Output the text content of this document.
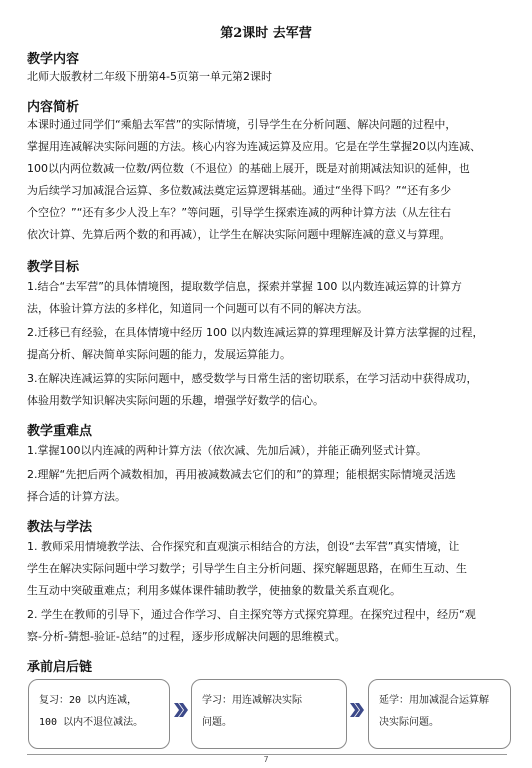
第2课时 去军营
教学内容
北师大版教材二年级下册第4-5页第一单元第2课时
内容简析
本课时通过同学们“乘船去军营”的实际情境，引导学生在分析问题、解决问题的过程中，
掌握用连减解决实际问题的方法。核心内容为连减运算及应用。它是在学生掌握20以内连减、
100以内两位数减一位数/两位数（不退位）的基础上展开，既是对前期减法知识的延伸，也
为后续学习加减混合运算、多位数减法奠定运算逻辑基础。通过“坐得下吗？”“还有多少
个空位？”“还有多少人没上车？”等问题，引导学生探索连减的两种计算方法（从左往右
依次计算、先算后两个数的和再减），让学生在解决实际问题中理解连减的意义与算理。
教学目标
1.结合“去军营”的具体情境图，提取数学信息，探索并掌握 100 以内数连减运算的计算方
法，体验计算方法的多样化，知道同一个问题可以有不同的解决方法。
2.迁移已有经验，在具体情境中经历 100 以内数连减运算的算理理解及计算方法掌握的过程，
提高分析、解决简单实际问题的能力，发展运算能力。
3.在解决连减运算的实际问题中，感受数学与日常生活的密切联系，在学习活动中获得成功，
体验用数学知识解决实际问题的乐趣，增强学好数学的信心。
教学重难点
1.掌握100以内连减的两种计算方法（依次减、先加后减），并能正确列竖式计算。
2.理解“先把后两个减数相加，再用被减数减去它们的和”的算理；能根据实际情境灵活选
择合适的计算方法。
教法与学法
1. 教师采用情境教学法、合作探究和直观演示相结合的方法，创设“去军营”真实情境，让
学生在解决实际问题中学习数学；引导学生自主分析问题、探究解题思路，在师生互动、生
生互动中突破重难点；利用多媒体课件辅助教学，使抽象的数量关系直观化。
2. 学生在教师的引导下，通过合作学习、自主探究等方式探究算理。在探究过程中，经历“观
察-分析-猜想-验证-总结”的过程，逐步形成解决问题的思维模式。
承前启后链
复习：20 以内连减，
100 以内不退位减法。
学习：用连减解决实际
问题。
延学：用加减混合运算解
决实际问题。
7
